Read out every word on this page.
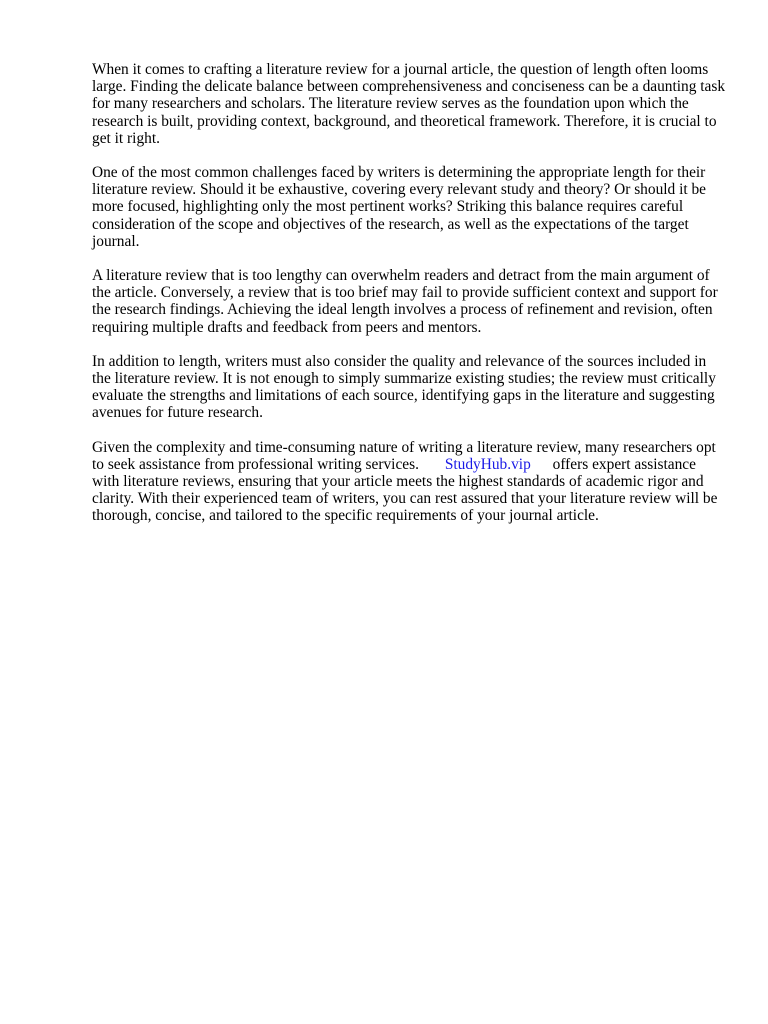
When it comes to crafting a literature review for a journal article, the question of length often looms large. Finding the delicate balance between comprehensiveness and conciseness can be a daunting task for many researchers and scholars. The literature review serves as the foundation upon which the research is built, providing context, background, and theoretical framework. Therefore, it is crucial to get it right.

One of the most common challenges faced by writers is determining the appropriate length for their literature review. Should it be exhaustive, covering every relevant study and theory? Or should it be more focused, highlighting only the most pertinent works? Striking this balance requires careful consideration of the scope and objectives of the research, as well as the expectations of the target journal.

A literature review that is too lengthy can overwhelm readers and detract from the main argument of the article. Conversely, a review that is too brief may fail to provide sufficient context and support for the research findings. Achieving the ideal length involves a process of refinement and revision, often requiring multiple drafts and feedback from peers and mentors.

In addition to length, writers must also consider the quality and relevance of the sources included in the literature review. It is not enough to simply summarize existing studies; the review must critically evaluate the strengths and limitations of each source, identifying gaps in the literature and suggesting avenues for future research.

Given the complexity and time-consuming nature of writing a literature review, many researchers opt to seek assistance from professional writing services. StudyHub.vip offers expert assistance with literature reviews, ensuring that your article meets the highest standards of academic rigor and clarity. With their experienced team of writers, you can rest assured that your literature review will be thorough, concise, and tailored to the specific requirements of your journal article.
